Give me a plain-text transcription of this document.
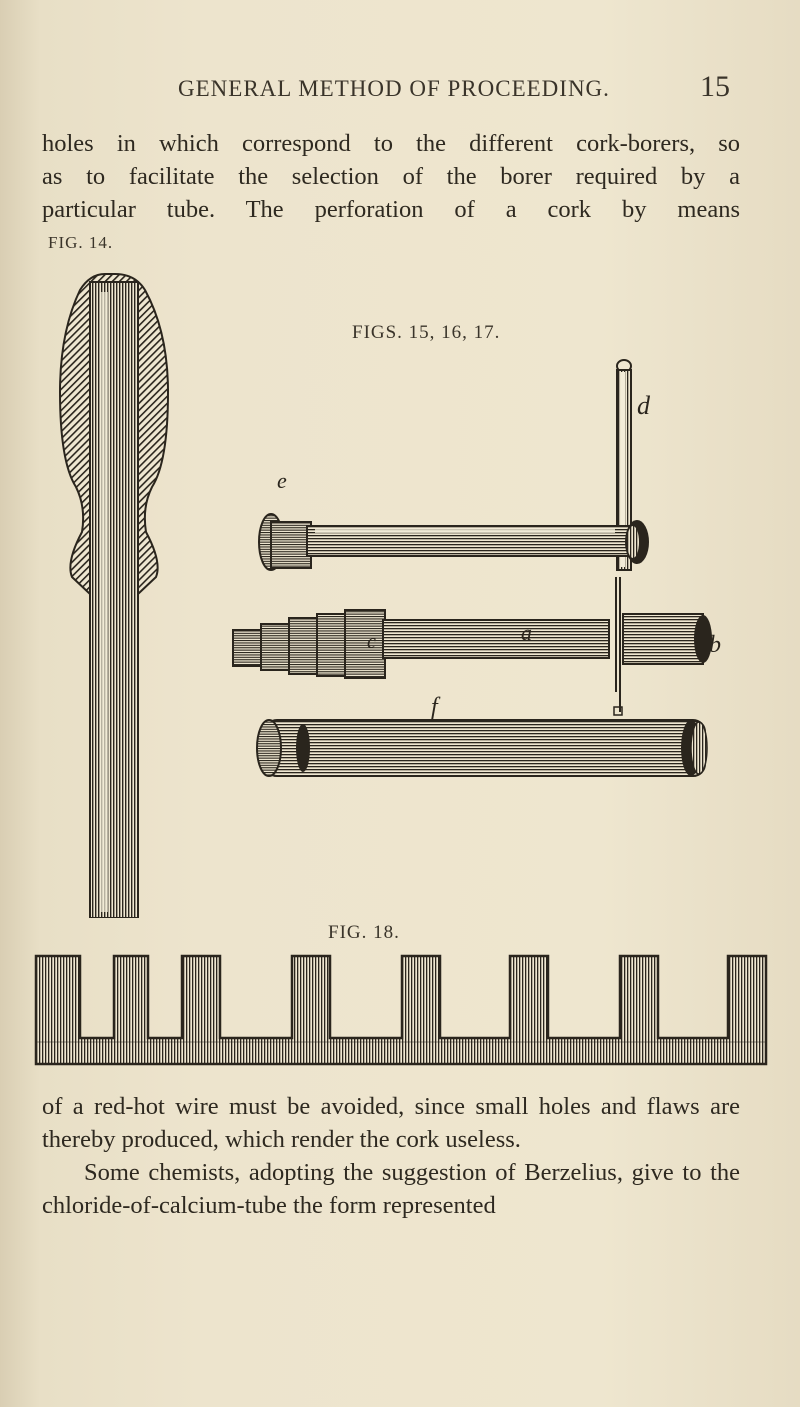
GENERAL METHOD OF PROCEEDING.	15
holes in which correspond to the different cork-borers, so
as to facilitate the selection of the borer required by a
particular tube. The perforation of a cork by means
FIG. 14.
FIGS. 15, 16, 17.
FIG. 18.
d
e
a	b
c
f
of a red-hot wire must be avoided, since small holes and flaws are thereby produced, which render the cork useless.
Some chemists, adopting the suggestion of Berzelius, give to the chloride-of-calcium-tube the form represented
